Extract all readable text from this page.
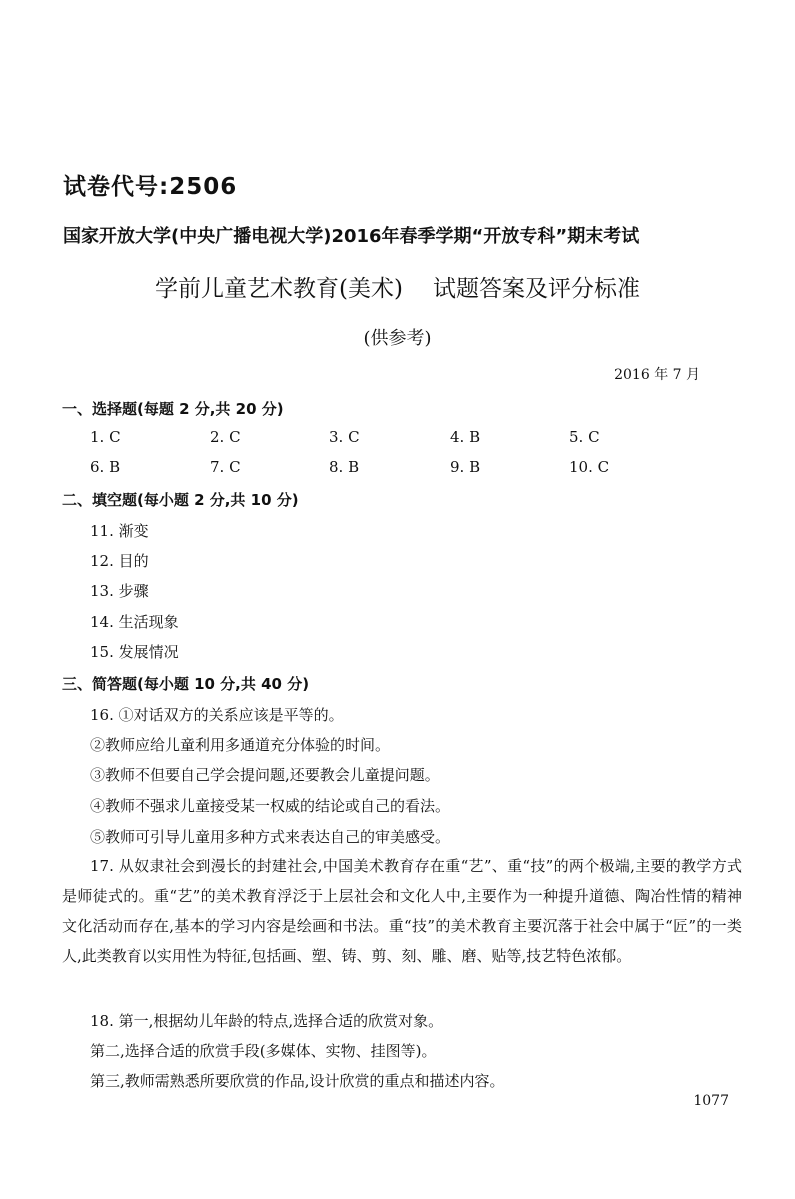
试卷代号:2506
国家开放大学(中央广播电视大学)2016年春季学期“开放专科”期末考试
学前儿童艺术教育(美术) 试题答案及评分标准
(供参考)
2016 年 7 月
一、选择题(每题 2 分,共 20 分)
1. C	2. C	3. C	4. B	5. C
6. B	7. C	8. B	9. B	10. C
二、填空题(每小题 2 分,共 10 分)
11. 渐变
12. 目的
13. 步骤
14. 生活现象
15. 发展情况
三、简答题(每小题 10 分,共 40 分)
16. ①对话双方的关系应该是平等的。
②教师应给儿童利用多通道充分体验的时间。
③教师不但要自己学会提问题,还要教会儿童提问题。
④教师不强求儿童接受某一权威的结论或自己的看法。
⑤教师可引导儿童用多种方式来表达自己的审美感受。
17. 从奴隶社会到漫长的封建社会,中国美术教育存在重“艺”、重“技”的两个极端,主要的教学方式是师徒式的。重“艺”的美术教育浮泛于上层社会和文化人中,主要作为一种提升道德、陶冶性情的精神文化活动而存在,基本的学习内容是绘画和书法。重“技”的美术教育主要沉落于社会中属于“匠”的一类人,此类教育以实用性为特征,包括画、塑、铸、剪、刻、雕、磨、贴等,技艺特色浓郁。
18. 第一,根据幼儿年龄的特点,选择合适的欣赏对象。
第二,选择合适的欣赏手段(多媒体、实物、挂图等)。
第三,教师需熟悉所要欣赏的作品,设计欣赏的重点和描述内容。
1077
